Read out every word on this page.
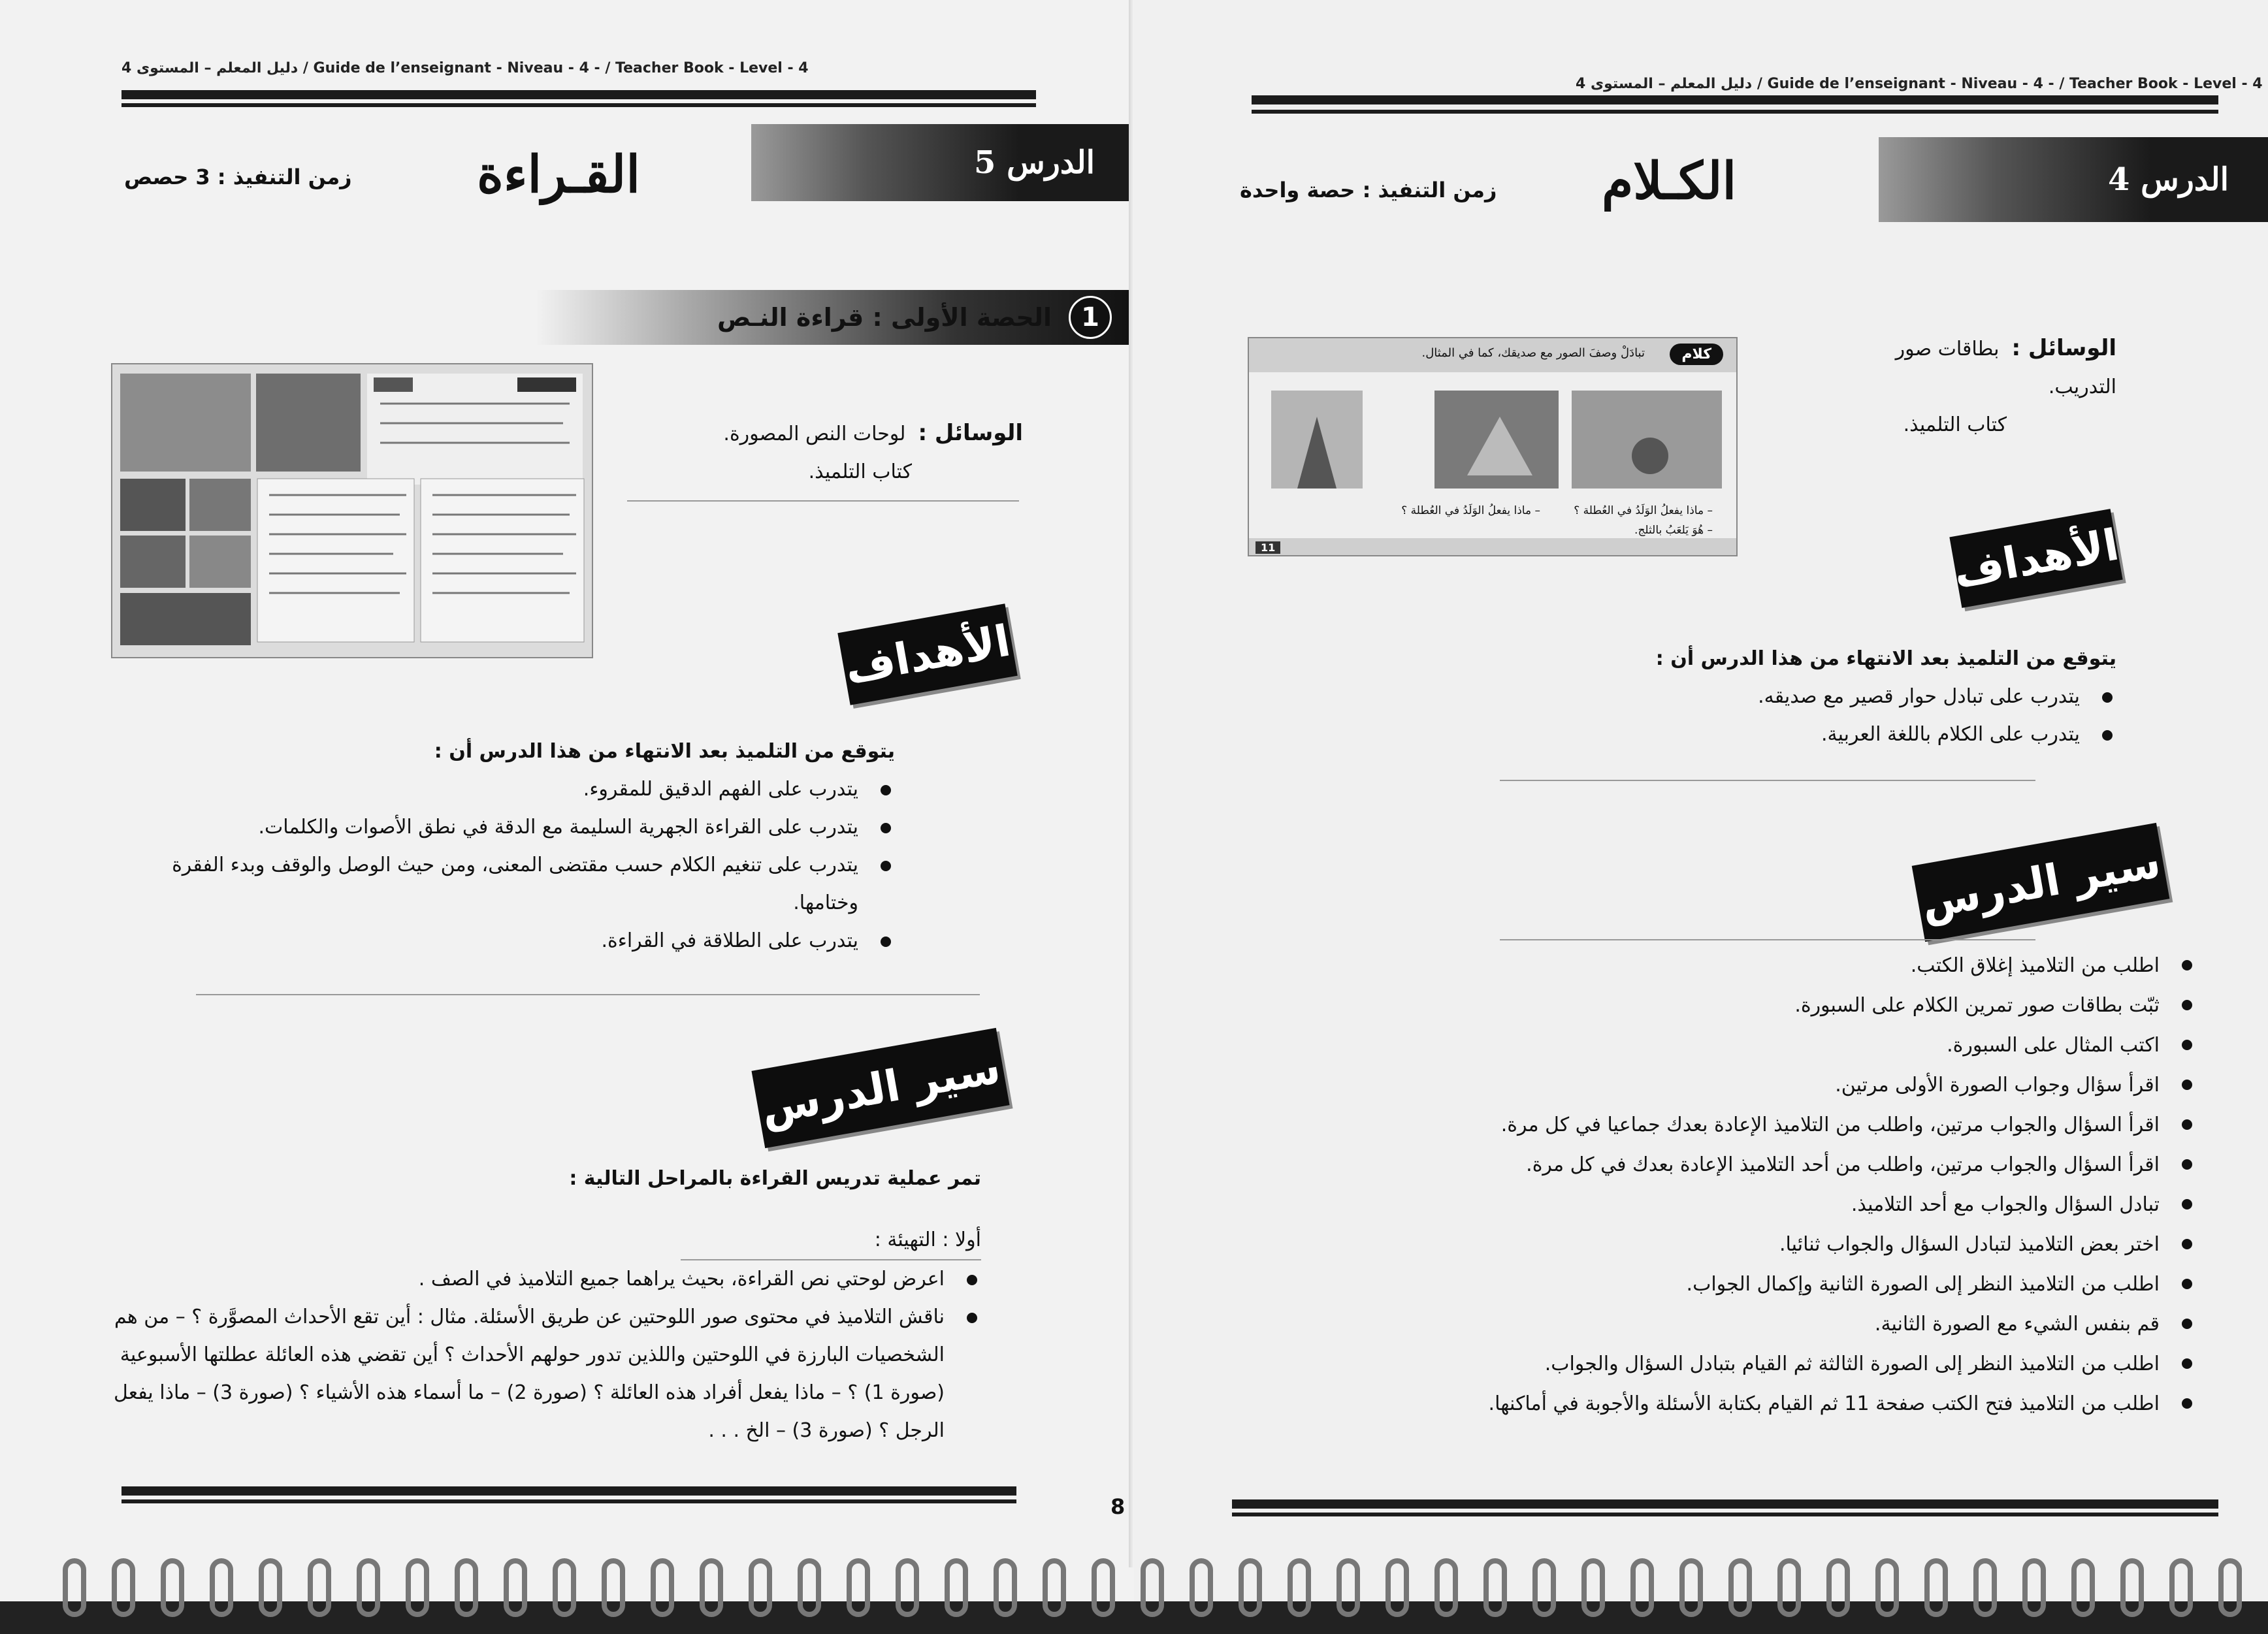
دليل المعلم – المستوى 4 / Guide de l’enseignant - Niveau - 4 - / Teacher Book - Level - 4
الدرس 5
القـراءة
زمن التنفيذ : 3 حصص
1
الحصة الأولى : قراءة النـص
الوسائل :  لوحات النص المصورة.
كتاب التلميذ.
الأهداف
يتوقع من التلميذ بعد الانتهاء من هذا الدرس أن :
يتدرب على الفهم الدقيق للمقروء.
يتدرب على القراءة الجهرية السليمة مع الدقة في نطق الأصوات والكلمات.
يتدرب على تنغيم الكلام حسب مقتضى المعنى، ومن حيث الوصل والوقف وبدء الفقرة وختامها.
يتدرب على الطلاقة في القراءة.
سير الدرس
تمر عملية تدريس القراءة بالمراحل التالية :
أولا : التهيئة :
اعرض لوحتي نص القراءة، بحيث يراهما جميع التلاميذ في الصف .
ناقش التلاميذ في محتوى صور اللوحتين عن طريق الأسئلة. مثال : أين تقع الأحداث المصوَّرة ؟ – من هم الشخصيات البارزة في اللوحتين واللذين تدور حولهم الأحداث ؟ أين تقضي هذه العائلة عطلتها الأسبوعية (صورة 1) ؟ – ماذا يفعل أفراد هذه العائلة ؟ (صورة 2) – ما أسماء هذه الأشياء ؟ (صورة 3) – ماذا يفعل الرجل ؟ (صورة 3) – الخ . . .
8
دليل المعلم – المستوى 4 / Guide de l’enseignant - Niveau - 4 - / Teacher Book - Level - 4
الدرس 4
الكـلام
زمن التنفيذ : حصة واحدة
كلام
تبادَلْ وصفَ الصور مع صديقك، كما في المثال.
– ماذا يفعلُ الوَلَدُ في العُطلة ؟
– هُوَ يَلعَبُ بالثلج.
– ماذا يفعلُ الوَلَدُ في العُطلة ؟
11
الوسائل :  بطاقات صور التدريب.
كتاب التلميذ.
الأهداف
يتوقع من التلميذ بعد الانتهاء من هذا الدرس أن :
يتدرب على تبادل حوار قصير مع صديقه.
يتدرب على الكلام باللغة العربية.
سير الدرس
اطلب من التلاميذ إغلاق الكتب.
ثبّت بطاقات صور تمرين الكلام على السبورة.
اكتب المثال على السبورة.
اقرأ سؤال وجواب الصورة الأولى مرتين.
اقرأ السؤال والجواب مرتين، واطلب من التلاميذ الإعادة بعدك جماعيا في كل مرة.
اقرأ السؤال والجواب مرتين، واطلب من أحد التلاميذ الإعادة بعدك في كل مرة.
تبادل السؤال والجواب مع أحد التلاميذ.
اختر بعض التلاميذ لتبادل السؤال والجواب ثنائيا.
اطلب من التلاميذ النظر إلى الصورة الثانية وإكمال الجواب.
قم بنفس الشيء مع الصورة الثانية.
اطلب من التلاميذ النظر إلى الصورة الثالثة ثم القيام بتبادل السؤال والجواب.
اطلب من التلاميذ فتح الكتب صفحة 11 ثم القيام بكتابة الأسئلة والأجوبة في أماكنها.
